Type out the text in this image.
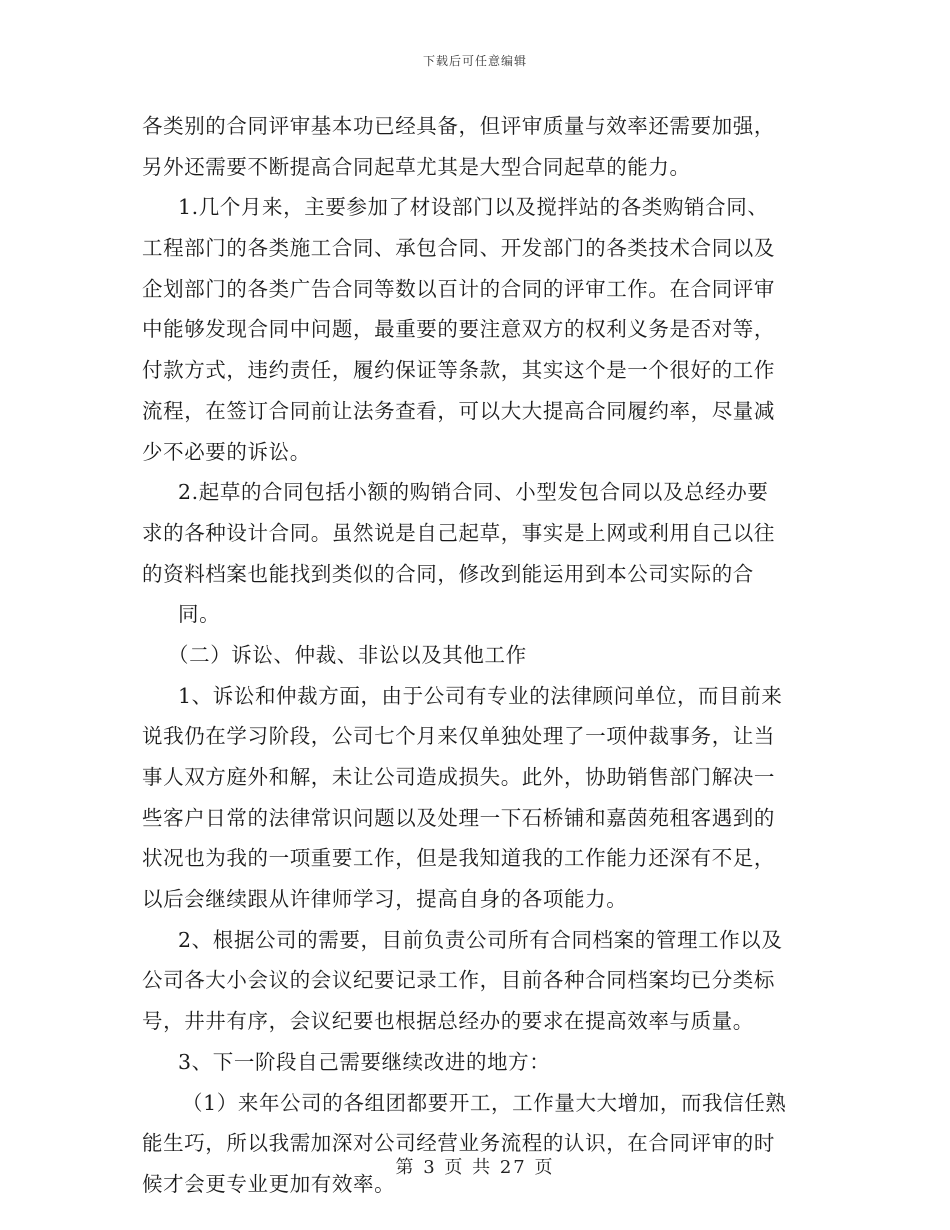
下载后可任意编辑
各类别的合同评审基本功已经具备，但评审质量与效率还需要加强，
另外还需要不断提高合同起草尤其是大型合同起草的能力。
1.几个月来，主要参加了材设部门以及搅拌站的各类购销合同、
工程部门的各类施工合同、承包合同、开发部门的各类技术合同以及
企划部门的各类广告合同等数以百计的合同的评审工作。在合同评审
中能够发现合同中问题，最重要的要注意双方的权利义务是否对等，
付款方式，违约责任，履约保证等条款，其实这个是一个很好的工作
流程，在签订合同前让法务查看，可以大大提高合同履约率，尽量减
少不必要的诉讼。
2.起草的合同包括小额的购销合同、小型发包合同以及总经办要
求的各种设计合同。虽然说是自己起草，事实是上网或利用自己以往
的资料档案也能找到类似的合同，修改到能运用到本公司实际的合
同。
（二）诉讼、仲裁、非讼以及其他工作
1、诉讼和仲裁方面，由于公司有专业的法律顾问单位，而目前来
说我仍在学习阶段，公司七个月来仅单独处理了一项仲裁事务，让当
事人双方庭外和解，未让公司造成损失。此外，协助销售部门解决一
些客户日常的法律常识问题以及处理一下石桥铺和嘉茵苑租客遇到的
状况也为我的一项重要工作，但是我知道我的工作能力还深有不足，
以后会继续跟从许律师学习，提高自身的各项能力。
2、根据公司的需要，目前负责公司所有合同档案的管理工作以及
公司各大小会议的会议纪要记录工作，目前各种合同档案均已分类标
号，井井有序，会议纪要也根据总经办的要求在提高效率与质量。
3、下一阶段自己需要继续改进的地方：
（1）来年公司的各组团都要开工，工作量大大增加，而我信任熟
能生巧，所以我需加深对公司经营业务流程的认识，在合同评审的时
候才会更专业更加有效率。
第 3 页 共 27 页
